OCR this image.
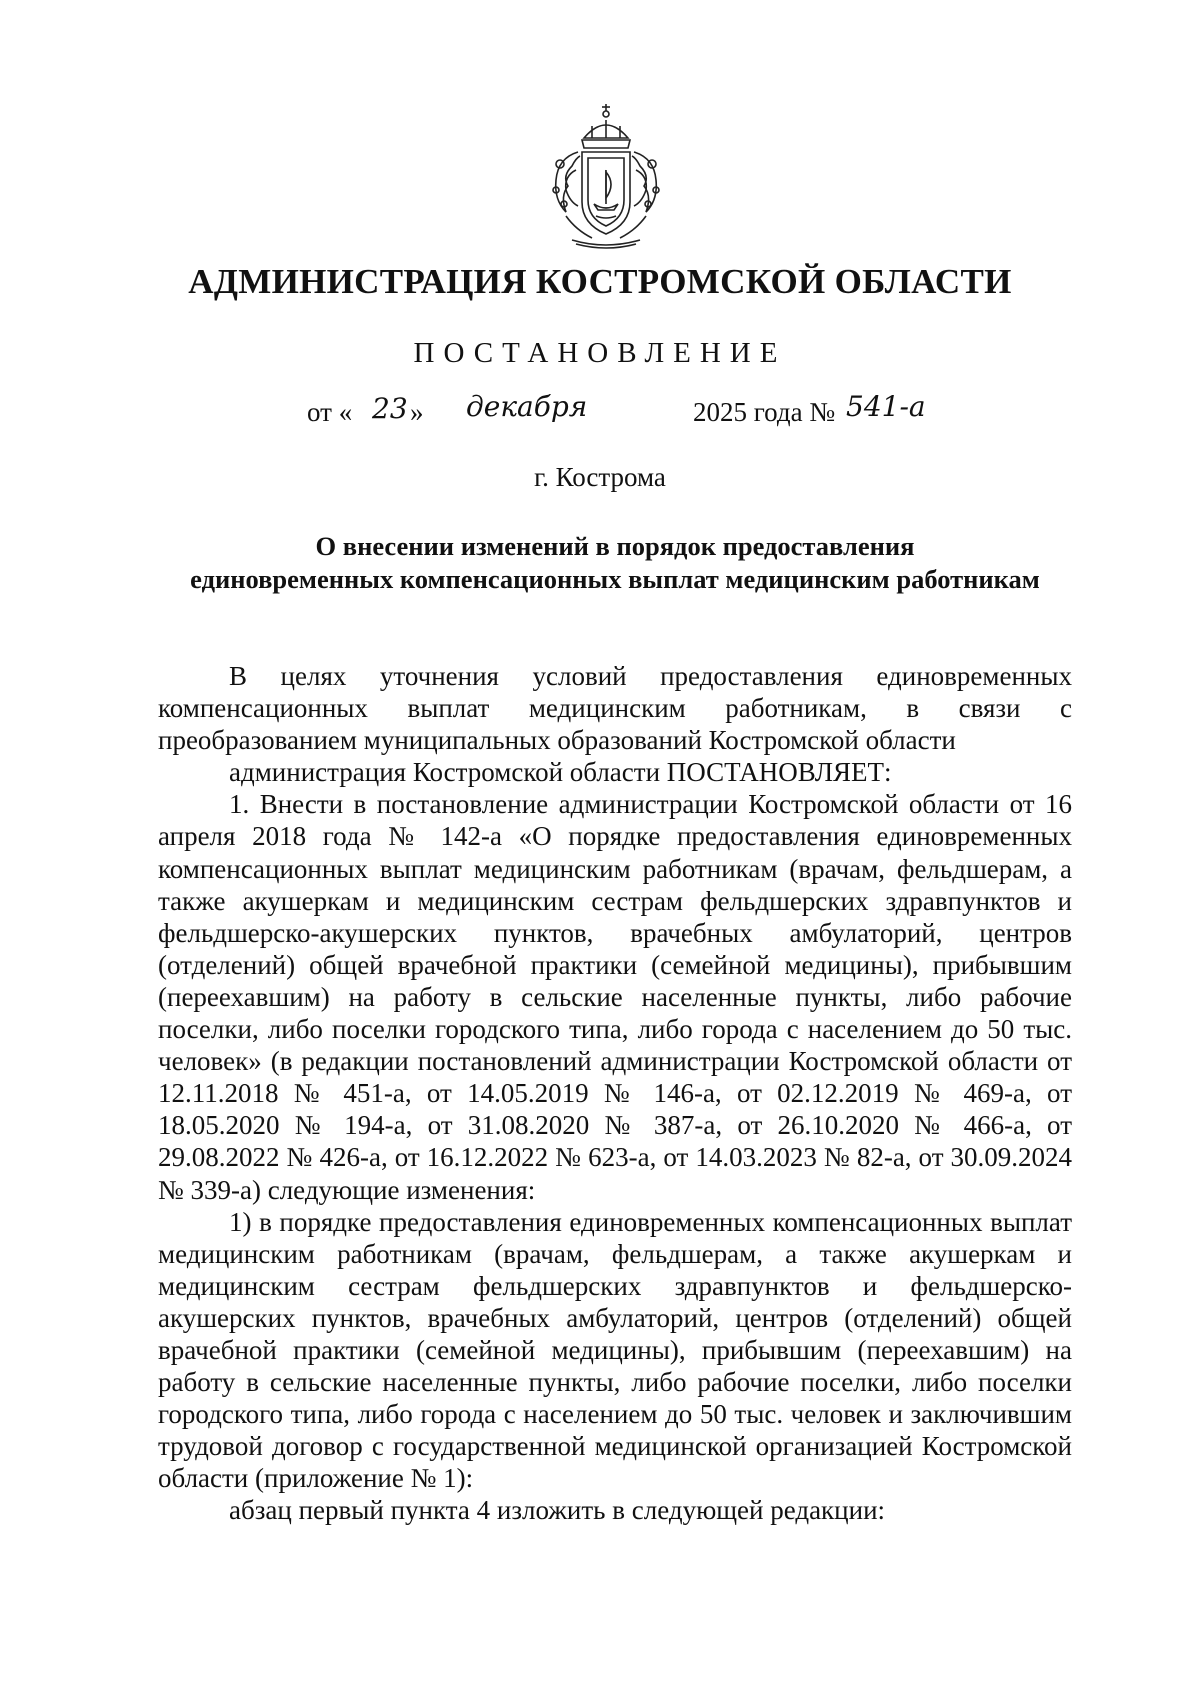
АДМИНИСТРАЦИЯ КОСТРОМСКОЙ ОБЛАСТИ
ПОСТАНОВЛЕНИЕ
от « 23 » декабря	2025 года № 541-а
г. Кострома
О внесении изменений в порядок предоставления
единовременных компенсационных выплат медицинским работникам

В целях уточнения условий предоставления единовременных компенсационных выплат медицинским работникам, в связи с преобразованием муниципальных образований Костромской области

администрация Костромской области ПОСТАНОВЛЯЕТ:

1. Внести в постановление администрации Костромской области от 16 апреля 2018 года № 142-а «О порядке предоставления единовременных компенсационных выплат медицинским работникам (врачам, фельдшерам, а также акушеркам и медицинским сестрам фельдшерских здравпунктов и фельдшерско-акушерских пунктов, врачебных амбулаторий, центров (отделений) общей врачебной практики (семейной медицины), прибывшим (переехавшим) на работу в сельские населенные пункты, либо рабочие поселки, либо поселки городского типа, либо города с населением до 50 тыс. человек» (в редакции постановлений администрации Костромской области от 12.11.2018 № 451-а, от 14.05.2019 № 146-а, от 02.12.2019 № 469-а, от 18.05.2020 № 194-а, от 31.08.2020 № 387-а, от 26.10.2020 № 466-а, от 29.08.2022 № 426-а, от 16.12.2022 № 623-а, от 14.03.2023 № 82-а, от 30.09.2024 № 339-а) следующие изменения:

1) в порядке предоставления единовременных компенсационных выплат медицинским работникам (врачам, фельдшерам, а также акушеркам и медицинским сестрам фельдшерских здравпунктов и фельдшерско-акушерских пунктов, врачебных амбулаторий, центров (отделений) общей врачебной практики (семейной медицины), прибывшим (переехавшим) на работу в сельские населенные пункты, либо рабочие поселки, либо поселки городского типа, либо города с населением до 50 тыс. человек и заключившим трудовой договор с государственной медицинской организацией Костромской области (приложение № 1):

абзац первый пункта 4 изложить в следующей редакции:
